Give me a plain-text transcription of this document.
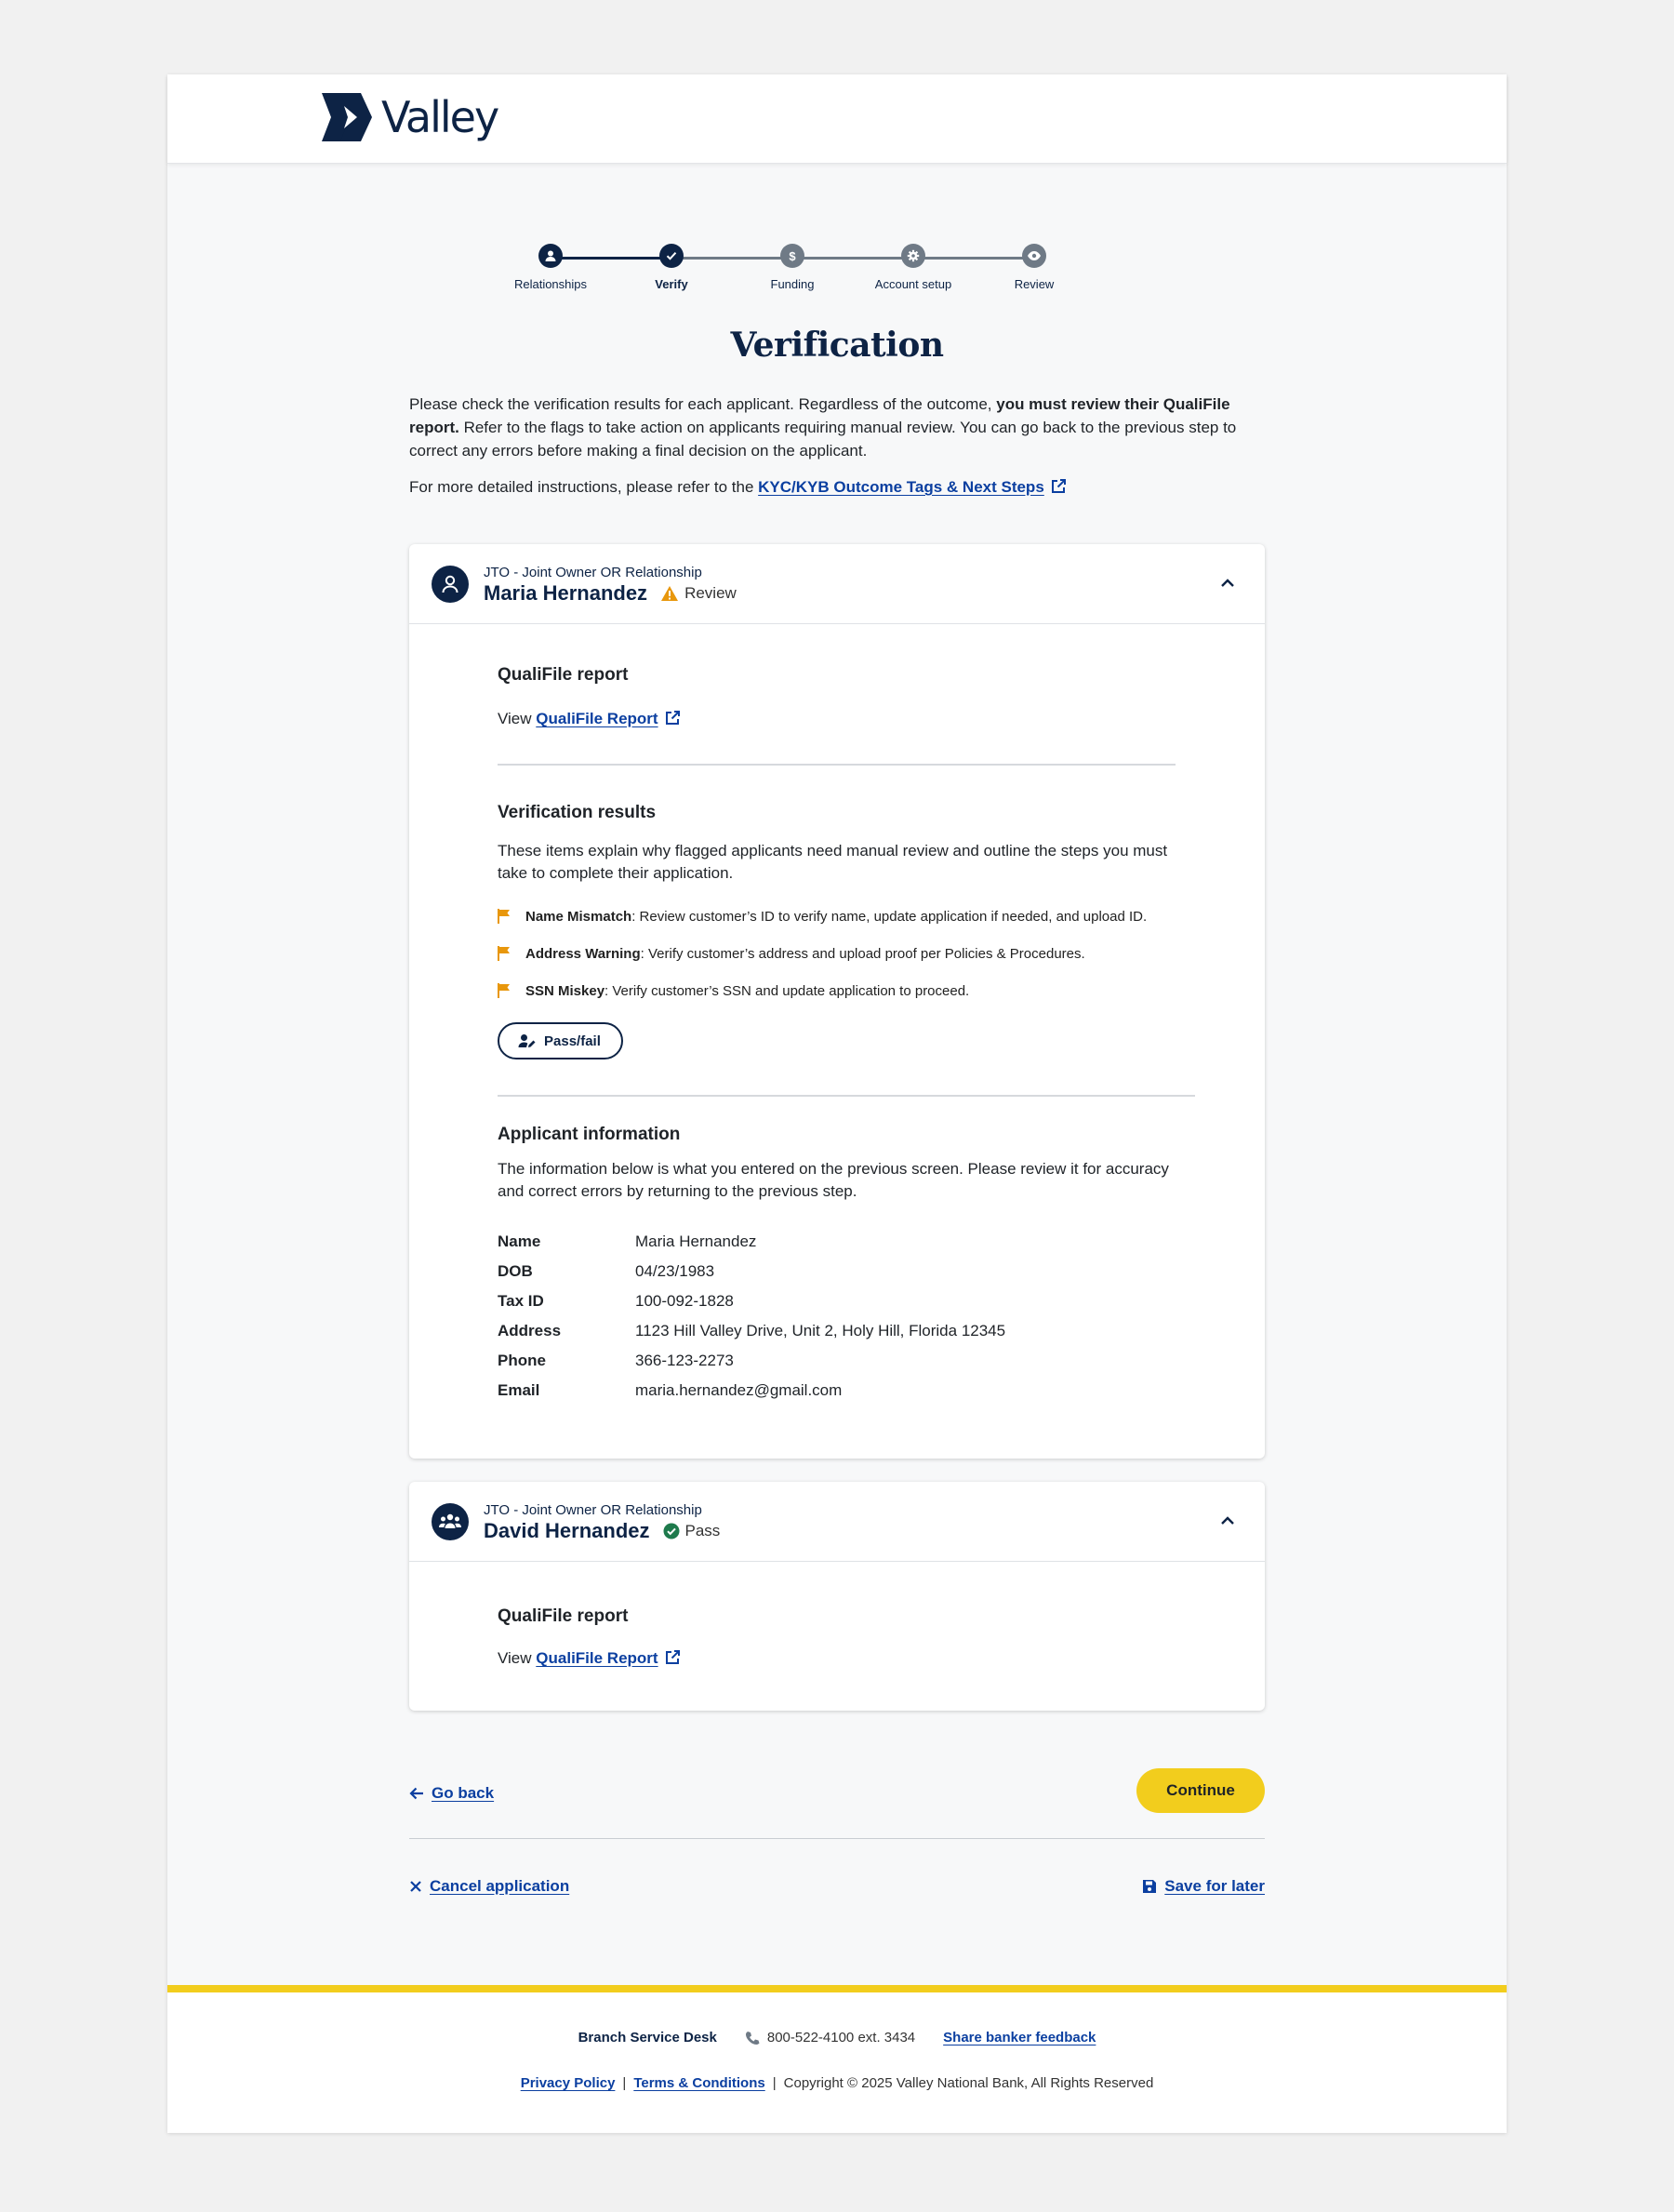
Valley
Relationships	Verify
$
Funding	Account setup	Review
Verification

Please check the verification results for each applicant. Regardless of the outcome, you must review their QualiFile report. Refer to the flags to take action on applicants requiring manual review. You can go back to the previous step to correct any errors before making a final decision on the applicant.

For more detailed instructions, please refer to the KYC/KYB Outcome Tags & Next Steps

JTO - Joint Owner OR Relationship
Maria Hernandez Review
QualiFile report
View QualiFile Report
Verification results
These items explain why flagged applicants need manual review and outline the steps you must take to complete their application.
Name Mismatch: Review customer’s ID to verify name, update application if needed, and upload ID.
Address Warning: Verify customer’s address and upload proof per Policies & Procedures.
SSN Miskey: Verify customer’s SSN and update application to proceed.
Pass/fail
Applicant information
The information below is what you entered on the previous screen. Please review it for accuracy and correct errors by returning to the previous step.
Name	Maria Hernandez
DOB	04/23/1983
Tax ID	100-092-1828
Address	1123 Hill Valley Drive, Unit 2, Holy Hill, Florida 12345
Phone	366-123-2273
Email	maria.hernandez@gmail.com
JTO - Joint Owner OR Relationship
David Hernandez Pass
QualiFile report
View QualiFile Report
Go back	Continue
Cancel application	Save for later
Branch Service Desk	800-522-4100 ext. 3434 Share banker feedback
Privacy Policy | Terms & Conditions | Copyright © 2025 Valley National Bank, All Rights Reserved
